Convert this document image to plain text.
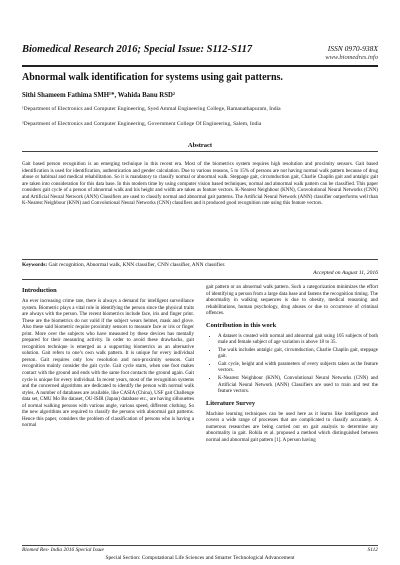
Biomedical Research 2016; Special Issue: S112-S117	ISSN 0970-938X
www.biomedres.info
Abnormal walk identification for systems using gait patterns.
Sithi Shameem Fathima SMH¹*, Wahida Banu RSD²
¹Department of Electronics and Computer Engineering, Syed Ammal Engineering College, Ramanathapuram, India
²Department of Electronics and Computer Engineering, Government College Of Engineering, Salem, India
Abstract

Gait based person recognition is an emerging technique in this recent era. Most of the biometrics system requires high resolution and proximity sensors. Gait based identification is used for identification, authentication and gender calculation. Due to various reasons, 5 to 15% of persons are not having normal walk pattern because of drug abuse or habitual and medical rehabilitation. So it is mandatory to classify normal or abnormal walk. Steppage gait, circumduction gait, Charlie Chaplin gait and antalgic gait are taken into consideration for this data base. In this modern time by using computer vision based techniques, normal and abnormal walk pattern can be classified. This paper considers gait cycle of a person of abnormal walk and his height and width are taken as feature vectors. K-Nearest Neighbour (KNN), Convolutional Neural Networks (CNN) and Artificial Neural Network (ANN) Classifiers are used to classify normal and abnormal gait patterns. The Artificial Neural Network (ANN) classifier outperforms well than K-Nearest Neighbour (KNN) and Convolutional Neural Networks (CNN) classifiers and it produced good recognition rate using this feature vectors.

Keywords: Gait recognition, Abnormal walk, KNN classifier, CNN classifier, ANN classifier.
Accepted on August 11, 2016
Introduction

An ever increasing crime rate, there is always a demand for intelligent surveillance system. Biometric plays a vital role in identifying the person since the physical traits are always with the person. The recent biometrics include face, iris and finger print. These are the biometrics do not valid if the subject wears helmet, mask and glove. Also these said biometric require proximity sensors to measure face or iris or finger print. More over the subjects who have measured by these devices has mentally prepared for their measuring activity. In order to avoid these drawbacks, gait recognition technique is emerged as a supporting biometrics as an alternative solution. Gait refers to one’s own walk pattern. It is unique for every individual person. Gait requires only low resolution and non-proximity sensors. Gait recognition mainly consider the gait cycle. Gait cycle starts, when one foot makes contact with the ground and ends with the same foot contacts the ground again. Gait cycle is unique for every individual. In recent years, most of the recognition systems and the concerned algorithms are dedicated to identify the person with normal walk styles. A number of databases are available, like CASIA (China), USF gait Challenge data set, CMU Mo Bo dataset, OU-ISIR (Japan) database etc., are having silhouettes of normal walking persons with various angle, various speed, different clothing. So the new algorithms are required to classify the persons with abnormal gait patterns. Hence this paper, considers the problem of classification of persons who is having a normal

gait pattern or an abnormal walk pattern. Such a categorization minimizes the effort of identifying a person from a large data base and fastens the recognition timing. The abnormality in walking sequences is due to obesity, medical reasoning and rehabilitations, human psychology, drug abuses or due to occurrence of criminal offences.

Contribution in this work
• A dataset is created with normal and abnormal gait using 105 subjects of both male and female subject of age variation is above 18 to 35.
• The walk includes antalgic gait, circumduction, Charlie Chaplin gait, steppage gait.
• Gait cycle, height and width parameters of every subjects taken as the feature vectors.
• K-Nearest Neighbour (KNN), Convolutional Neural Networks (CNN) and Artificial Neural Network (ANN) Classifiers are used to train and test the feature vectors.
Literature Survey

Machine learning techniques can be used here as it learns like intelligence and covers a wide range of processes that are complicated to classify accurately. A numerous researches are being carried out on gait analysis to determine any abnormality in gait. Rohila et al. proposed a method which distinguished between normal and abnormal gait pattern [1]. A person having

Biomed Res- India 2016 Special Issue	S112
Special Section: Computational Life Sciences and Smarter Technological Advancement
